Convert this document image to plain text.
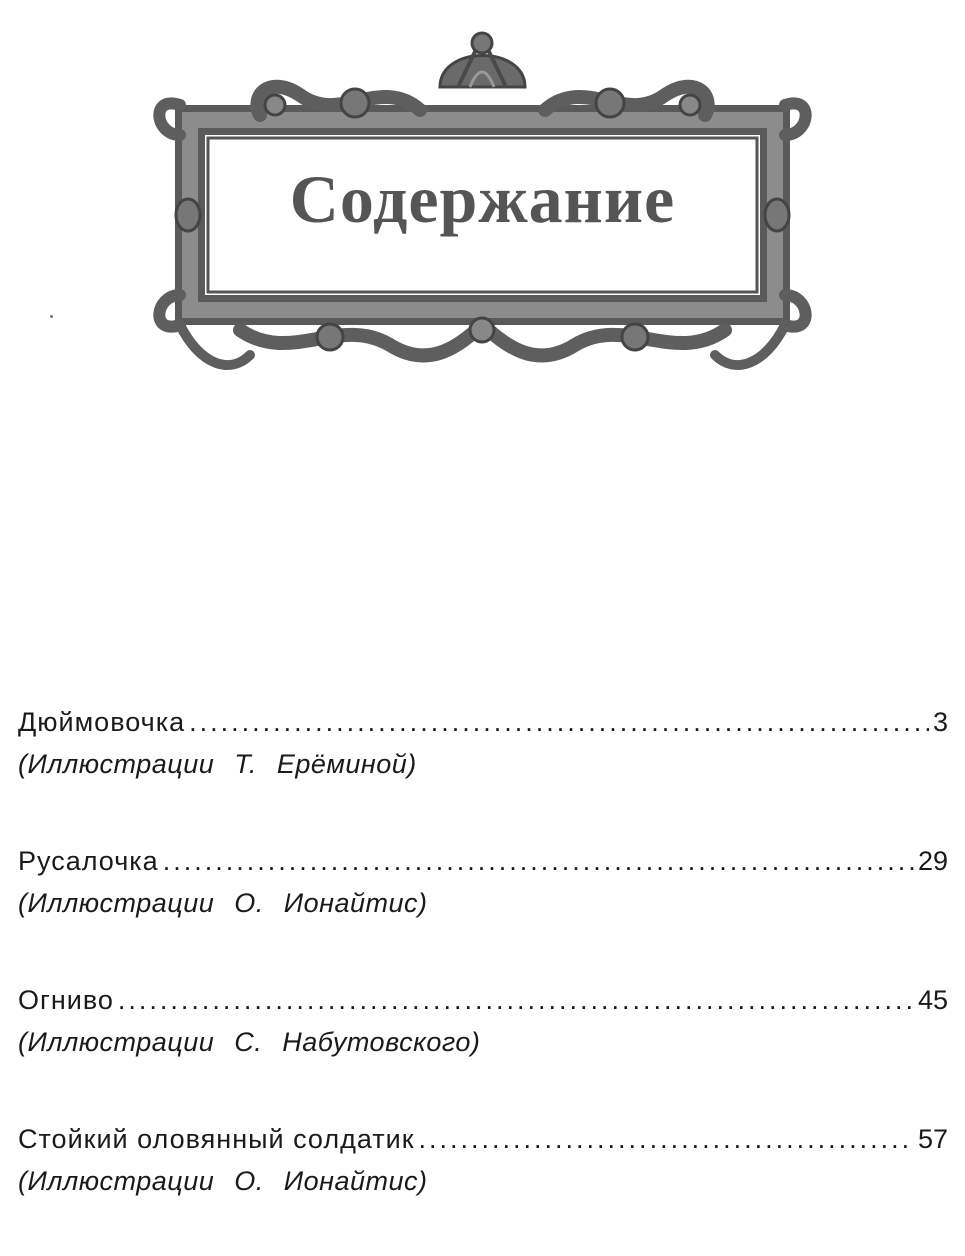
Содержание
Дюймовочка .....	3
(Иллюстрации Т. Ерёминой)
Русалочка .....	29
(Иллюстрации О. Ионайтис)
Огниво .....	45
(Иллюстрации С. Набутовского)
Стойкий оловянный солдатик .....	57
(Иллюстрации О. Ионайтис)
